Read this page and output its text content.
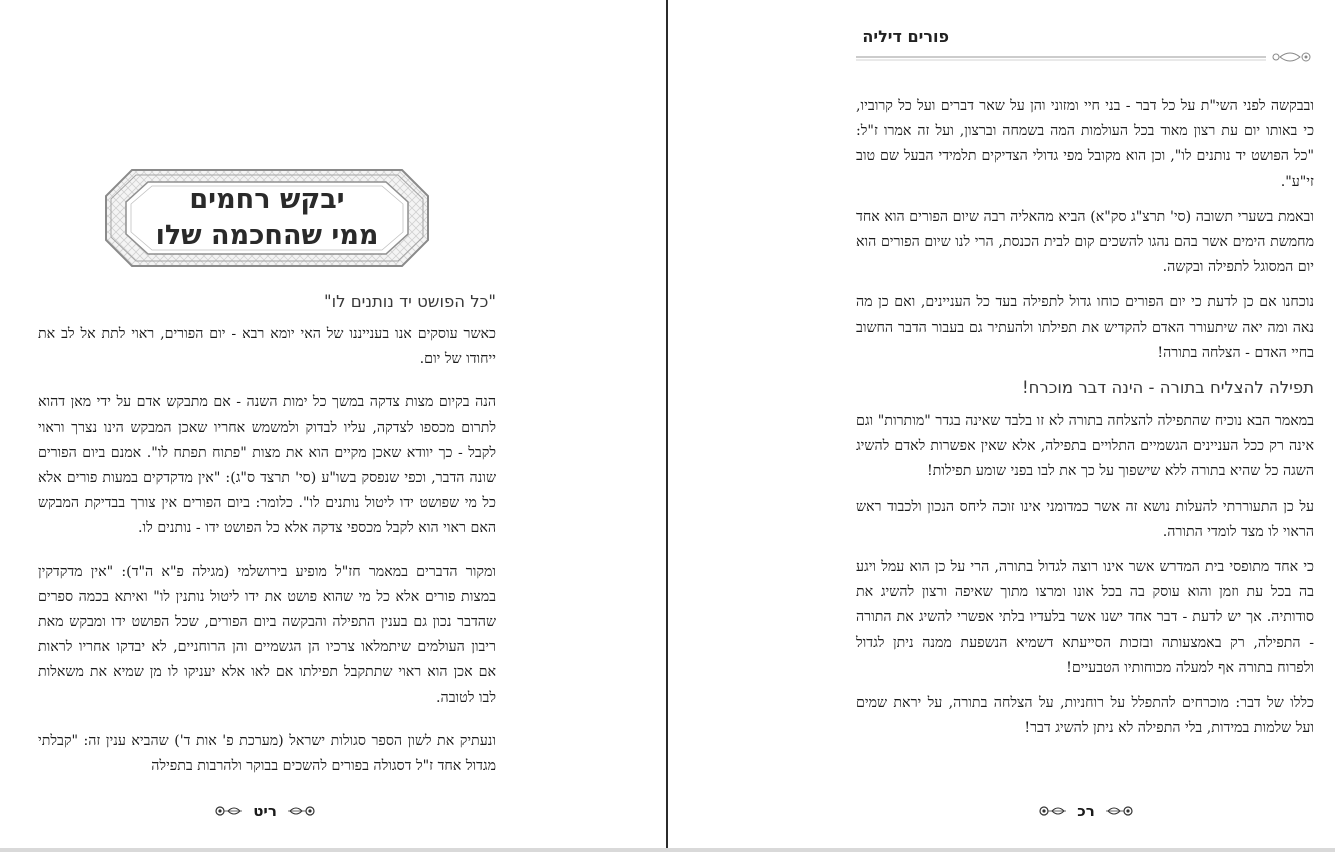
יבקש רחמים
ממי שהחכמה שלו
"כל הפושט יד נותנים לו"

כאשר עוסקים אנו בענייננו של האי יומא רבא - יום הפורים, ראוי לתת אל לב את ייחודו של יום.

הנה בקיום מצות צדקה במשך כל ימות השנה - אם מתבקש אדם על ידי מאן דהוא לתרום מכספו לצדקה, עליו לבדוק ולמשמש אחריו שאכן המבקש הינו נצרך וראוי לקבל - כך יוודא שאכן מקיים הוא את מצות "פתוח תפתח לו". אמנם ביום הפורים שונה הדבר, וכפי שנפסק בשו"ע (סי' תרצד ס"ג): "אין מדקדקים במעות פורים אלא כל מי שפושט ידו ליטול נותנים לו". כלומר: ביום הפורים אין צורך בבדיקת המבקש האם ראוי הוא לקבל מכספי צדקה אלא כל הפושט ידו - נותנים לו.

ומקור הדברים במאמר חז"ל מופיע בירושלמי (מגילה פ"א ה"ד): "אין מדקדקין במצות פורים אלא כל מי שהוא פושט את ידו ליטול נותנין לו" ואיתא בכמה ספרים שהדבר נכון גם בענין התפילה והבקשה ביום הפורים, שכל הפושט ידו ומבקש מאת ריבון העולמים שיתמלאו צרכיו הן הגשמיים והן הרוחניים, לא יבדקו אחריו לראות אם אכן הוא ראוי שתתקבל תפילתו אם לאו אלא יעניקו לו מן שמיא את משאלות לבו לטובה.

ונעתיק את לשון הספר סגולות ישראל (מערכת פ' אות ד') שהביא ענין זה: "קבלתי מגדול אחד ז"ל דסגולה בפורים להשכים בבוקר ולהרבות בתפילה

ריט
פורים דיליה

ובבקשה לפני השי"ת על כל דבר - בני חיי ומזוני והן על שאר דברים ועל כל קרוביו, כי באותו יום עת רצון מאוד בכל העולמות המה בשמחה וברצון, ועל זה אמרו ז"ל: "כל הפושט יד נותנים לו", וכן הוא מקובל מפי גדולי הצדיקים תלמידי הבעל שם טוב זי"ע".

ובאמת בשערי תשובה (סי' תרצ"ג סק"א) הביא מהאליה רבה שיום הפורים הוא אחד מחמשת הימים אשר בהם נהגו להשכים קום לבית הכנסת, הרי לנו שיום הפורים הוא יום המסוגל לתפילה ובקשה.

נוכחנו אם כן לדעת כי יום הפורים כוחו גדול לתפילה בעד כל העניינים, ואם כן מה נאה ומה יאה שיתעורר האדם להקדיש את תפילתו ולהעתיר גם בעבור הדבר החשוב בחיי האדם - הצלחה בתורה!

תפילה להצליח בתורה - הינה דבר מוכרח!

במאמר הבא נוכיח שהתפילה להצלחה בתורה לא זו בלבד שאינה בגדר "מותרות" וגם אינה רק ככל העניינים הגשמיים התלויים בתפילה, אלא שאין אפשרות לאדם להשיג השגה כל שהיא בתורה ללא שישפוך על כך את לבו בפני שומע תפילות!

על כן התעוררתי להעלות נושא זה אשר כמדומני אינו זוכה ליחס הנכון ולכבוד ראש הראוי לו מצד לומדי התורה.

כי אחד מתופסי בית המדרש אשר אינו רוצה לגדול בתורה, הרי על כן הוא עמל ויגע בה בכל עת וזמן והוא עוסק בה בכל אונו ומרצו מתוך שאיפה ורצון להשיג את סודותיה. אך יש לדעת - דבר אחד ישנו אשר בלעדיו בלתי אפשרי להשיג את התורה - התפילה, רק באמצעותה ובזכות הסייעתא דשמיא הנשפעת ממנה ניתן לגדול ולפרוח בתורה אף למעלה מכוחותיו הטבעיים!

כללו של דבר: מוכרחים להתפלל על רוחניות, על הצלחה בתורה, על יראת שמים ועל שלמות במידות, בלי התפילה לא ניתן להשיג דבר!

רכ
